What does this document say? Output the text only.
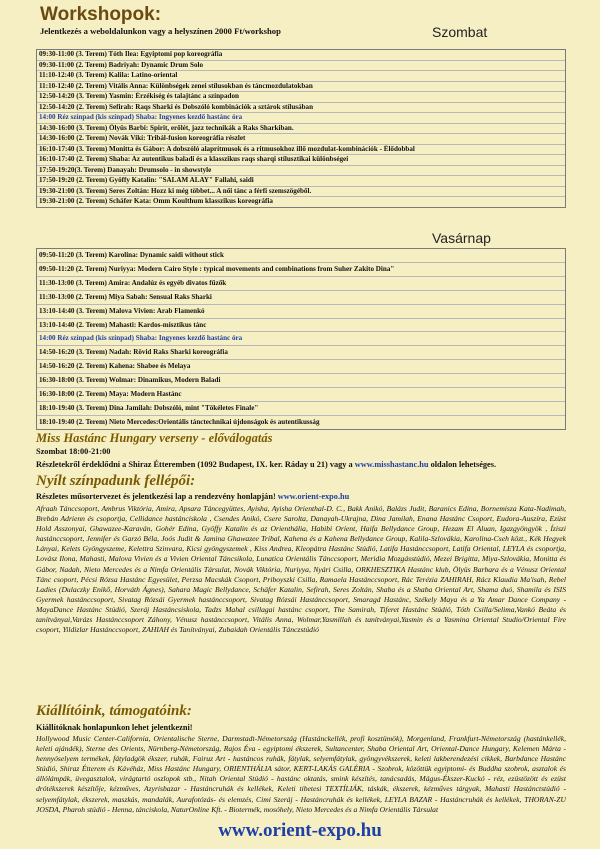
Workshopok:
Jelentkezés a weboldalunkon vagy a helyszínen 2000 Ft/workshop	Szombat
09:30-11:00 (3. Terem) Tóth Ilea: Egyiptomi pop koreográfia
09:30-11:00 (2. Terem) Badriyah: Dynamic Drum Solo
11:10-12:40 (3. Terem) Kalila: Latino-oriental
11:10-12:40 (2. Terem) Vitális Anna: Különbségek zenei stílusokban és táncmozdulatokban
12:50-14:20 (3. Terem) Yasmin: Érzékiség és talajtánc a színpadon
12:50-14:20 (2. Terem) Sefirah: Raqs Sharki és Dobszóló kombinációk a sztárok stílusában
14:00 Réz színpad (kis színpad) Shaba: Ingyenes kezdő hastánc óra
14:30-16:00 (3. Terem) Ölyüs Barbi: Spirit, erőlét, jazz technikák a Raks Sharkiban.
14:30-16:00 (2. Terem) Novák Vikí: Tribál-fusion koreográfia részlet
16:10-17:40 (3. Terem) Monitta és Gábor: A dobszóló alaprítmusok és a ritmusokhoz illő mozdulat-kombinációk - Élődobbal
16:10-17:40 (2. Terem) Shaba: Az autentikus baladi és a klasszikus raqs sharqi stílusztikai különbségei
17:50-19:20(3. Terem) Danayah: Drumsolo - in showstyle
17:50-19:20 (2. Terem) Gyöffy Katalin: "SALAM ALAY" Fallahi, saidi
19:30-21:00 (3. Terem) Seres Zoltán: Hozz ki még többet... A női tánc a férfi szemszögéből.
19:30-21:00 (2. Terem) Schäfer Kata: Omm Koulthum klasszikus koreográfia
Vasárnap
09:50-11:20 (3. Terem) Karolina: Dynamic saidi without stick
09:50-11:20 (2. Terem) Nuriyya: Modern Cairo Style : typical movements and combinations from Suher Zakito Dina"
11:30-13:00 (3. Terem) Amira: Andalúz és egyéb divatos fűzők
11:30-13:00 (2. Terem) Miya Sabah: Sensual Raks Sharki
13:10-14:40 (3. Terem) Malova Vivien: Arab Flamenkó
13:10-14:40 (2. Terem) Mahasti: Kardos-misztikus tánc
14:00 Réz színpad (kis színpad) Shaba: Ingyenes kezdő hastánc óra
14:50-16:20 (3. Terem) Nadah: Rövid Raks Sharki koreográfia
14:50-16:20 (2. Terem) Kahena: Shabee és Melaya
16:30-18:00 (3. Terem) Wolmar: Dinamikus, Modern Baladi
16:30-18:00 (2. Terem) Maya: Modern Hastánc
18:10-19:40 (3. Terem) Dina Jamilah: Dobszóló, mint "Tökéletes Finale"
18:10-19:40 (2. Terem) Nieto Mercedes:Orientális tánctechnikai újdonságok és autentikusság
Miss Hastánc Hungary verseny - előválogatás
Szombat 18:00-21:00
Részletekről érdeklődni a Shiraz Étteremben (1092 Budapest, IX. ker. Ráday u 21) vagy a www.misshastanc.hu oldalon lehetséges.
Nyílt színpadunk fellépői:
Részletes műsortervezet és jelentkezési lap a rendezvény honlapján! www.orient-expo.hu
Afraah Tánccsoport, Ambrus Viktória, Amira, Apsara Táncegyüttes, Ayisha, Ayisha Orienthal-D. C., Bakk Anikó, Balázs Judit, Baranics Edina, Bornemisza Kata-Nadimah, Brebán Adrienn és csoportja, Cellidance hastánciskola , Csendes Anikó, Csere Sarolta, Danayah-Ukrajna, Dina Jamilah, Enana Hastánc Csoport, Eudora-Auszíra, Ezüst Hold Asszonyai, Ghawazee-Karaván, Gohér Edina, Gyöffy Katalin és az Orienthália, Habibi Orient, Haifa Bellydance Group, Hezam El Aluan, Igazgyöngyök , Íziszi hastánccsoport, Jennifer és Garzó Béla, Joós Judit & Jamina Ghawazee Tribal, Kahena és a Kahena Bellydance Group, Kalila-Szlovákia, Karolina-Cseh közt., Kék Hegyek Lányai, Kelets Gyöngyszeme, Kelettra Szinvara, Kicsi gyöngyszemek , Kiss Andrea, Kleopátra Hastánc Stúdió, Latifa Hastánccsoport, Latifa Oriental, LEYLA és csoportja, Lovász Ilona, Mahasti, Malova Vivien és a Vivien Oriental Táncsikola, Lunatica Orientális Tánccsoport, Meridia Mozgásstúdió, Mezei Brigitta, Miya-Szlovákia, Monitta és Gábor, Nadah, Nieto Mercedes és a Nimfa Orientális Társulat, Novák Viktória, Nuriyya, Nyári Csilla, ORKHESZTIKA Hastánc klub, Ölyüs Barbara és a Vénusz Oriental Tánc csoport, Pécsi Rózsa Hastánc Egyesület, Perzsa Macskák Csoport, Priboyszki Csilla, Ramaela Hastánccsoport, Rác Terézia ZAHIRAH, Rácz Klaudia Ma'isah, Rebel Ladies (Dulaczky Enikő, Horváth Ágnes), Sahara Magic Bellydance, Schäfer Katalin, Sefirah, Seres Zoltán, Shaba és a Shaba Oriental Art, Shama duó, Shamila és ISIS Gyermek hastánccsoport, Sivatag Rózsái Gyermek hastánccsoport, Sivatag Rózsái Hastánccsoport, Smaragd Hastánc, Székely Maya és a Ya Amar Dance Company - MayaDance Hastánc Stúdió, Szeráj Hastáncsiskola, Tadzs Mahal csillagai hastánc csoport, The Samirah, Tiferet Hastánc Stúdió, Tóth Csilla/Selima,Vankó Beáta és tanítványai,Varázs Hastánccsoport Záhony, Vénusz hastánccsoport, Vitális Anna, Wolmar,Yasmillah és tanítványai,Yasmin és a Yasmina Oriental Studio/Oriental Fire csoport, Yildizlar Hastánccsoport, ZAHIAH és Tanítványai, Zubaidah Orientális Tánczstúdió
Kiállítóink, támogatóink:
Kiállítóknak honlapunkon lehet jelentkezni!
Hollywood Music Center-California, Orientalische Sterne, Darmstadt-Németország (Hastánckellék, profi kosztümök), Morgenland, Frankfurt-Németország (hastánkellék, keleti ajándék), Sterne des Orients, Nürnberg-Németország, Rajos Éva - egyiptomi ékszerek, Sultancenter, Shaba Oriental Art, Oriental-Dance Hungary, Kelemen Márta - hennyóselyem termékek, fátyladgök ékszer, ruhák, Fairuz Art - hastáncos ruhák, fátylak, selyemfátylak, gyöngyvékszerek, keleti lakberendezési cikkek, Barbdance Hastánc Stúdió, Shiraz Étterem és Kávéház, Miss Hastánc Hungary, ORIENTHÁLIA sátor, KERT-LAKÁS GALÉRIA - Szobrok, közöttük egyiptomi- és Buddha szobrok, asztalok és állólámpák, üvegasztalok, virágtartó oszlopok stb., Nitah Oriental Stúdió - hastánc oktatás, smink készítés, tanácsadás, Mágus-Ékszer-Kuckó - réz, ezüstözött és ezüst drótékszerek készítője, kézműves, Azyrisbazar - Hastáncruhák és kellékek, Keleti tibetesi TEXTÍLIÁK, táskák, ékszerek, kézműves tárgyak, Mahasti Hastánctstúdió - selyemfátylak, ékszerek, maszkás, mandalák, Aurafotózás- és elemzés, Cimi Szeráj - Hastáncruhák és kellékek, LEYLA BAZAR - Hastáncruhák és kellékek, THORAN-ZU JOSDA, Pharoh stúdió - Henna, tánciskola, NaturOnline Kft. - Biotermék, mosóhely, Nieto Mercedes és a Nimfa Orientális Társulat
www.orient-expo.hu
